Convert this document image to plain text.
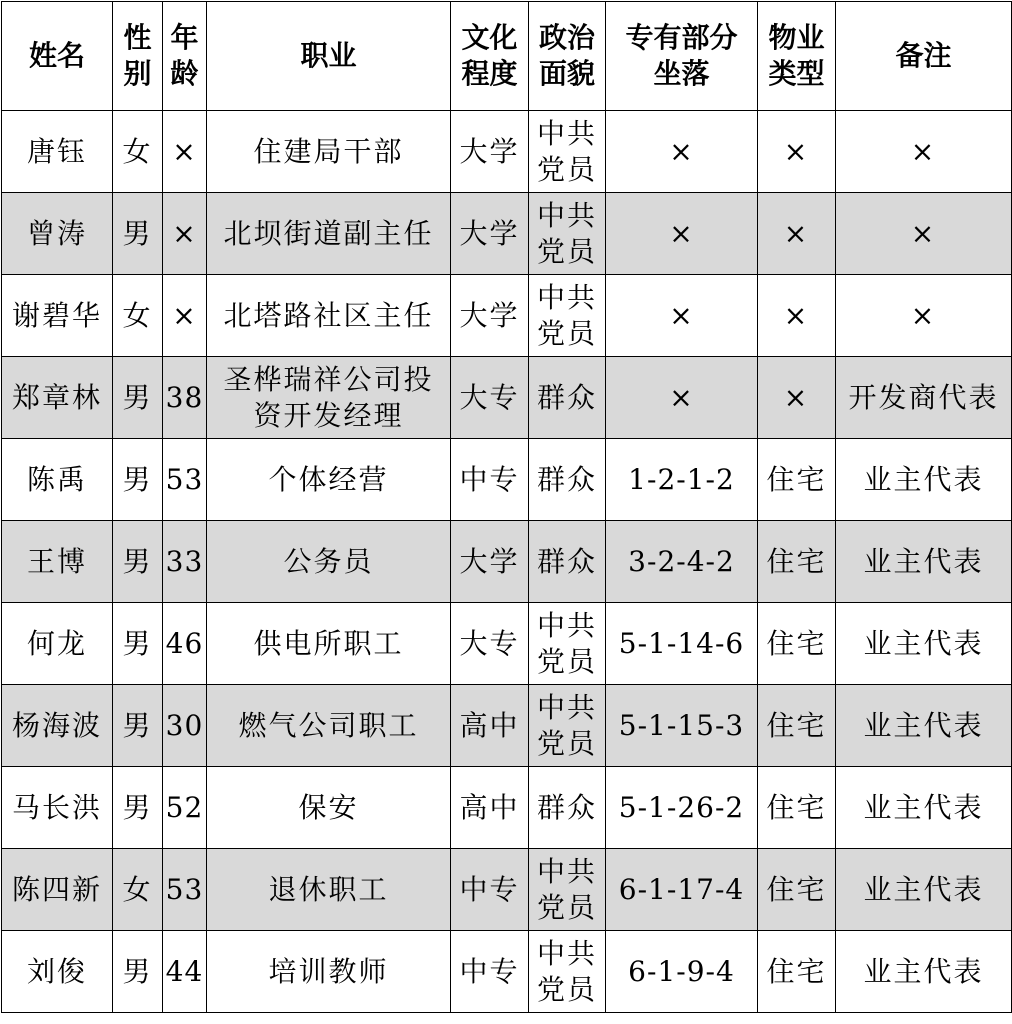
姓名	性别	年龄	职业	文化程度	政治面貌	专有部分坐落	物业类型	备注
唐钰	女	×	住建局干部	大学	中共党员	×	×	×
曾涛	男	×	北坝街道副主任	大学	中共党员	×	×	×
谢碧华	女	×	北塔路社区主任	大学	中共党员	×	×	×
郑章林	男	38	圣桦瑞祥公司投资开发经理	大专	群众	×	×	开发商代表
陈禹	男	53	个体经营	中专	群众	1-2-1-2	住宅	业主代表
王博	男	33	公务员	大学	群众	3-2-4-2	住宅	业主代表
何龙	男	46	供电所职工	大专	中共党员	5-1-14-6	住宅	业主代表
杨海波	男	30	燃气公司职工	高中	中共党员	5-1-15-3	住宅	业主代表
马长洪	男	52	保安	高中	群众	5-1-26-2	住宅	业主代表
陈四新	女	53	退休职工	中专	中共党员	6-1-17-4	住宅	业主代表
刘俊	男	44	培训教师	中专	中共党员	6-1-9-4	住宅	业主代表
